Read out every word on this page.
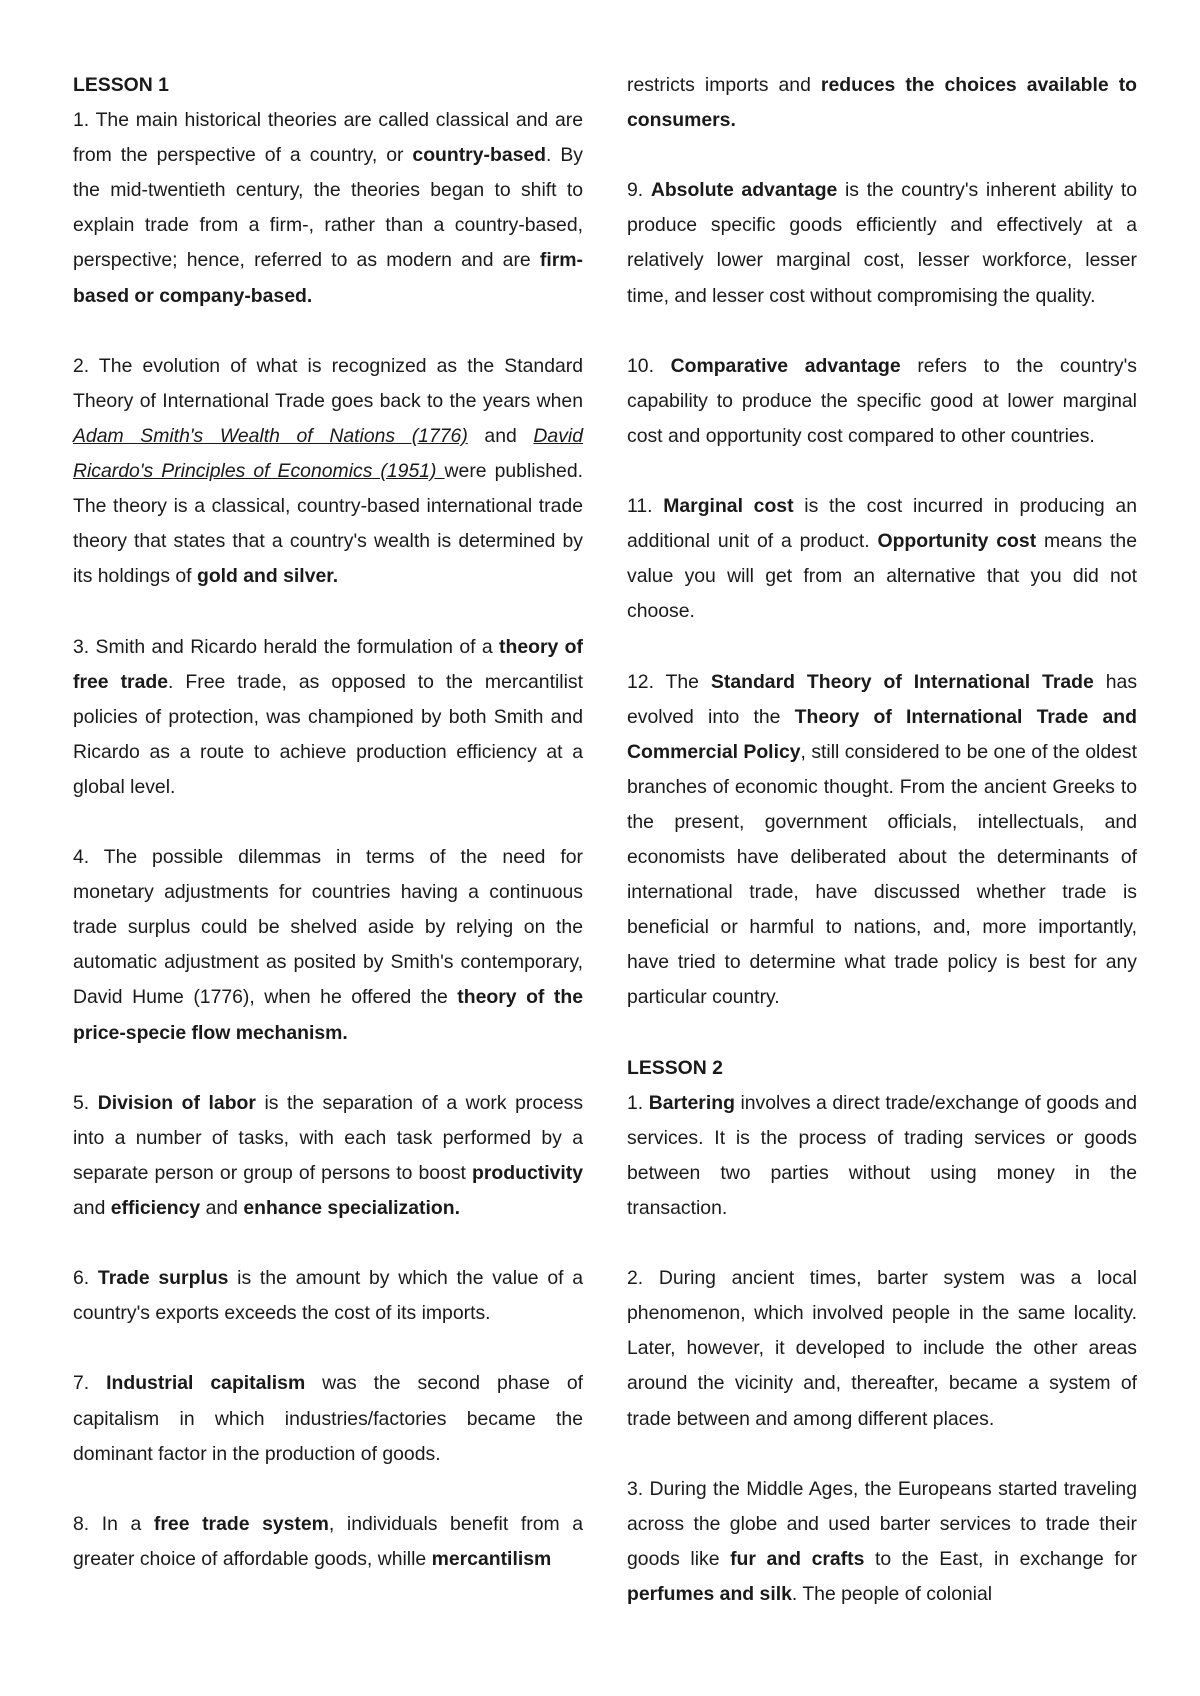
LESSON 1

1. The main historical theories are called classical and are from the perspective of a country, or country-based. By the mid-twentieth century, the theories began to shift to explain trade from a firm-, rather than a country-based, perspective; hence, referred to as modern and are firm-based or company-based.

2. The evolution of what is recognized as the Standard Theory of International Trade goes back to the years when Adam Smith's Wealth of Nations (1776) and David Ricardo's Principles of Economics (1951) were published. The theory is a classical, country-based international trade theory that states that a country's wealth is determined by its holdings of gold and silver.

3. Smith and Ricardo herald the formulation of a theory of free trade. Free trade, as opposed to the mercantilist policies of protection, was championed by both Smith and Ricardo as a route to achieve production efficiency at a global level.

4. The possible dilemmas in terms of the need for monetary adjustments for countries having a continuous trade surplus could be shelved aside by relying on the automatic adjustment as posited by Smith's contemporary, David Hume (1776), when he offered the theory of the price-specie flow mechanism.

5. Division of labor is the separation of a work process into a number of tasks, with each task performed by a separate person or group of persons to boost productivity and efficiency and enhance specialization.

6. Trade surplus is the amount by which the value of a country's exports exceeds the cost of its imports.

7. Industrial capitalism was the second phase of capitalism in which industries/factories became the dominant factor in the production of goods.

8. In a free trade system, individuals benefit from a greater choice of affordable goods, whille mercantilism

restricts imports and reduces the choices available to consumers.

9. Absolute advantage is the country's inherent ability to produce specific goods efficiently and effectively at a relatively lower marginal cost, lesser workforce, lesser time, and lesser cost without compromising the quality.

10. Comparative advantage refers to the country's capability to produce the specific good at lower marginal cost and opportunity cost compared to other countries.

11. Marginal cost is the cost incurred in producing an additional unit of a product. Opportunity cost means the value you will get from an alternative that you did not choose.

12. The Standard Theory of International Trade has evolved into the Theory of International Trade and Commercial Policy, still considered to be one of the oldest branches of economic thought. From the ancient Greeks to the present, government officials, intellectuals, and economists have deliberated about the determinants of international trade, have discussed whether trade is beneficial or harmful to nations, and, more importantly, have tried to determine what trade policy is best for any particular country.

LESSON 2

1. Bartering involves a direct trade/exchange of goods and services. It is the process of trading services or goods between two parties without using money in the transaction.

2. During ancient times, barter system was a local phenomenon, which involved people in the same locality. Later, however, it developed to include the other areas around the vicinity and, thereafter, became a system of trade between and among different places.

3. During the Middle Ages, the Europeans started traveling across the globe and used barter services to trade their goods like fur and crafts to the East, in exchange for perfumes and silk. The people of colonial
